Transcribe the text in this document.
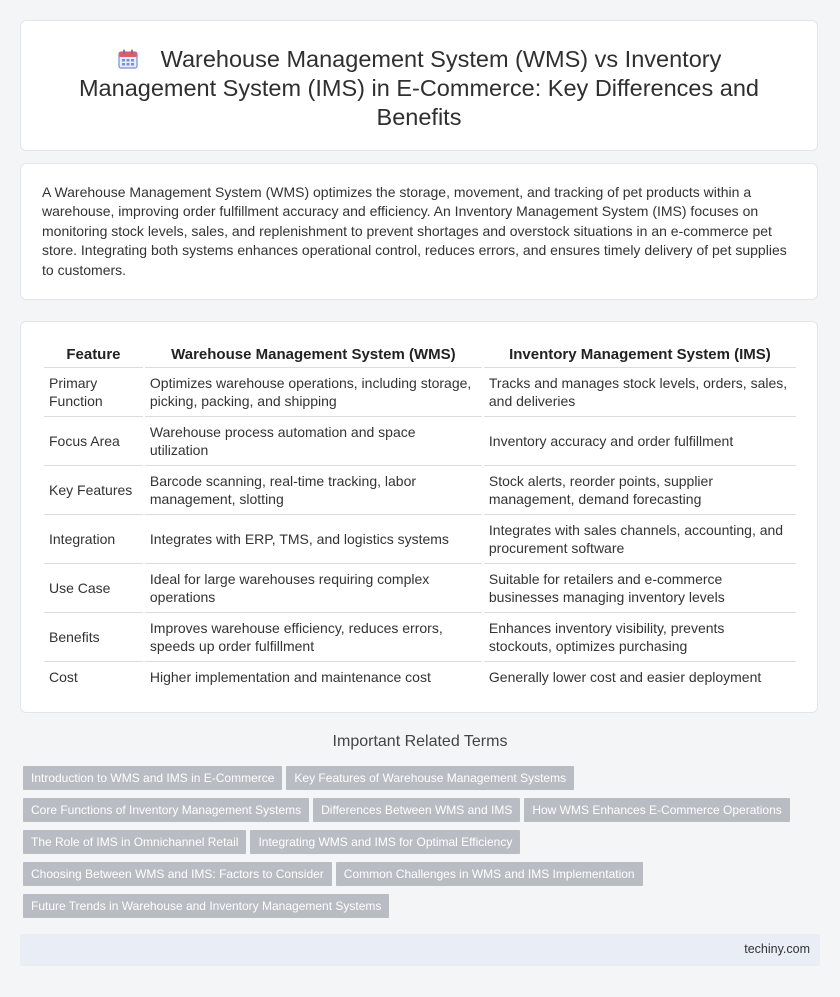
Warehouse Management System (WMS) vs Inventory Management System (IMS) in E-Commerce: Key Differences and Benefits

A Warehouse Management System (WMS) optimizes the storage, movement, and tracking of pet products within a warehouse, improving order fulfillment accuracy and efficiency. An Inventory Management System (IMS) focuses on monitoring stock levels, sales, and replenishment to prevent shortages and overstock situations in an e-commerce pet store. Integrating both systems enhances operational control, reduces errors, and ensures timely delivery of pet supplies to customers.

Feature	Warehouse Management System (WMS)	Inventory Management System (IMS)
Primary Function	Optimizes warehouse operations, including storage, picking, packing, and shipping	Tracks and manages stock levels, orders, sales, and deliveries
Focus Area	Warehouse process automation and space utilization	Inventory accuracy and order fulfillment
Key Features	Barcode scanning, real-time tracking, labor management, slotting	Stock alerts, reorder points, supplier management, demand forecasting
Integration	Integrates with ERP, TMS, and logistics systems	Integrates with sales channels, accounting, and procurement software
Use Case	Ideal for large warehouses requiring complex operations	Suitable for retailers and e-commerce businesses managing inventory levels
Benefits	Improves warehouse efficiency, reduces errors, speeds up order fulfillment	Enhances inventory visibility, prevents stockouts, optimizes purchasing
Cost	Higher implementation and maintenance cost	Generally lower cost and easier deployment
Important Related Terms
Introduction to WMS and IMS in E-Commerce Key Features of Warehouse Management Systems
Core Functions of Inventory Management Systems Differences Between WMS and IMS How WMS Enhances E-Commerce Operations
The Role of IMS in Omnichannel Retail Integrating WMS and IMS for Optimal Efficiency
Choosing Between WMS and IMS: Factors to Consider Common Challenges in WMS and IMS Implementation
Future Trends in Warehouse and Inventory Management Systems
techiny.com
